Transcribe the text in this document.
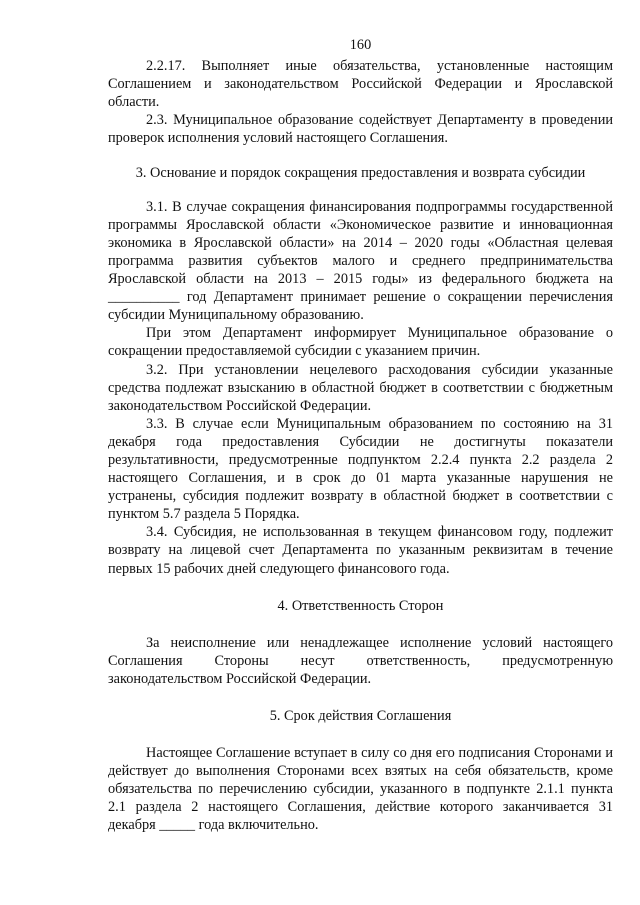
160

2.2.17. Выполняет иные обязательства, установленные настоящим Соглашением и законодательством Российской Федерации и Ярославской области.

2.3. Муниципальное образование содействует Департаменту в проведении проверок исполнения условий настоящего Соглашения.

3. Основание и порядок сокращения предоставления и возврата субсидии

3.1. В случае сокращения финансирования подпрограммы государственной программы Ярославской области «Экономическое развитие и инновационная экономика в Ярославской области» на 2014 – 2020 годы «Областная целевая программа развития субъектов малого и среднего предпринимательства Ярославской области на 2013 – 2015 годы» из федерального бюджета на __________ год Департамент принимает решение о сокращении перечисления субсидии Муниципальному образованию.

При этом Департамент информирует Муниципальное образование о сокращении предоставляемой субсидии с указанием причин.

3.2. При установлении нецелевого расходования субсидии указанные средства подлежат взысканию в областной бюджет в соответствии с бюджетным законодательством Российской Федерации.

3.3. В случае если Муниципальным образованием по состоянию на 31 декабря года предоставления Субсидии не достигнуты показатели результативности, предусмотренные подпунктом 2.2.4 пункта 2.2 раздела 2 настоящего Соглашения, и в срок до 01 марта указанные нарушения не устранены, субсидия подлежит возврату в областной бюджет в соответствии с пунктом 5.7 раздела 5 Порядка.

3.4. Субсидия, не использованная в текущем финансовом году, подлежит возврату на лицевой счет Департамента по указанным реквизитам в течение первых 15 рабочих дней следующего финансового года.

4. Ответственность Сторон

За неисполнение или ненадлежащее исполнение условий настоящего Соглашения Стороны несут ответственность, предусмотренную законодательством Российской Федерации.

5. Срок действия Соглашения

Настоящее Соглашение вступает в силу со дня его подписания Сторонами и действует до выполнения Сторонами всех взятых на себя обязательств, кроме обязательства по перечислению субсидии, указанного в подпункте 2.1.1 пункта 2.1 раздела 2 настоящего Соглашения, действие которого заканчивается 31 декабря _____ года включительно.
